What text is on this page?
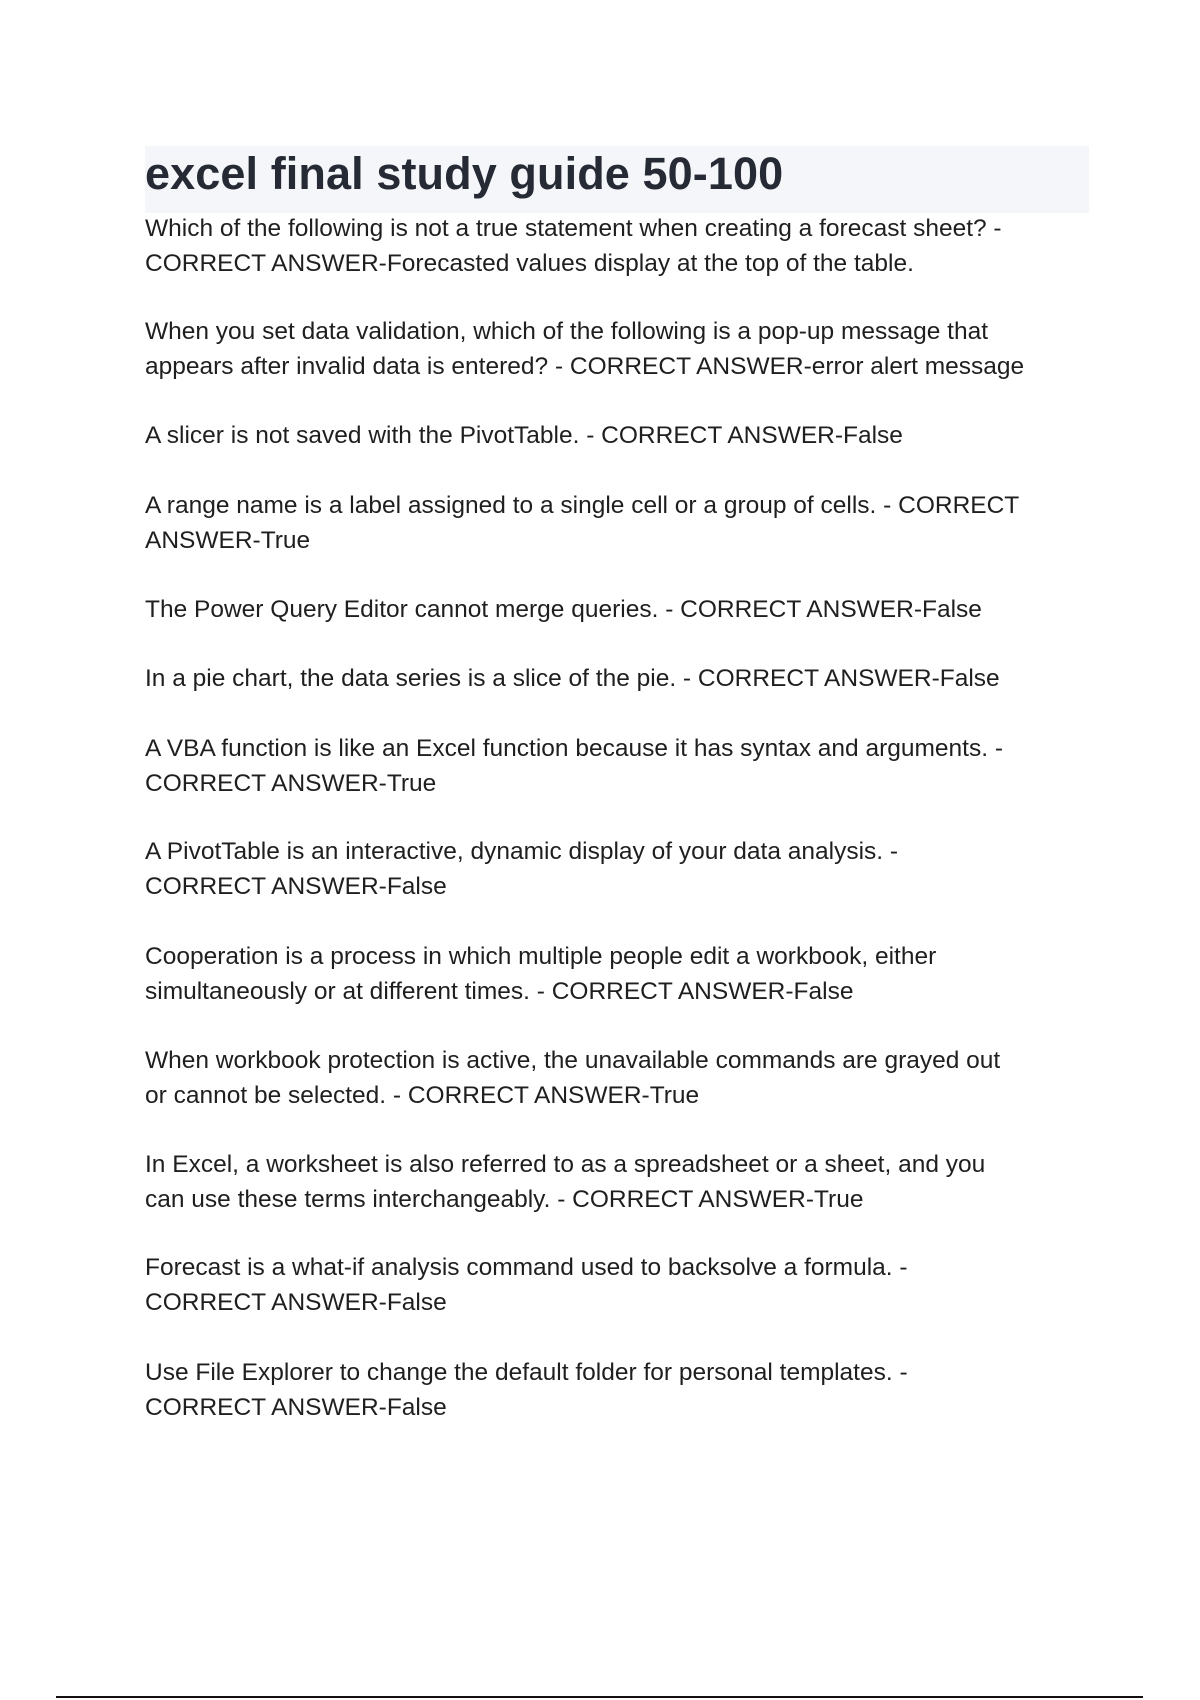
excel final study guide 50-100

Which of the following is not a true statement when creating a forecast sheet? -
CORRECT ANSWER-Forecasted values display at the top of the table.

When you set data validation, which of the following is a pop-up message that
appears after invalid data is entered? - CORRECT ANSWER-error alert message

A slicer is not saved with the PivotTable. - CORRECT ANSWER-False

A range name is a label assigned to a single cell or a group of cells. - CORRECT
ANSWER-True

The Power Query Editor cannot merge queries. - CORRECT ANSWER-False

In a pie chart, the data series is a slice of the pie. - CORRECT ANSWER-False

A VBA function is like an Excel function because it has syntax and arguments. -
CORRECT ANSWER-True

A PivotTable is an interactive, dynamic display of your data analysis. -
CORRECT ANSWER-False

Cooperation is a process in which multiple people edit a workbook, either
simultaneously or at different times. - CORRECT ANSWER-False

When workbook protection is active, the unavailable commands are grayed out
or cannot be selected. - CORRECT ANSWER-True

In Excel, a worksheet is also referred to as a spreadsheet or a sheet, and you
can use these terms interchangeably. - CORRECT ANSWER-True

Forecast is a what-if analysis command used to backsolve a formula. -
CORRECT ANSWER-False

Use File Explorer to change the default folder for personal templates. -
CORRECT ANSWER-False
